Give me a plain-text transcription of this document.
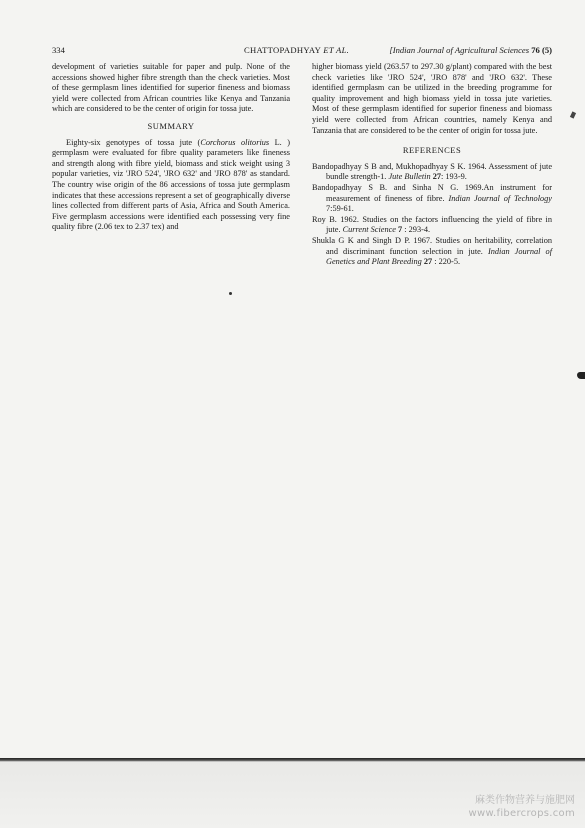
334	CHATTOPADHYAY ET AL.	[Indian Journal of Agricultural Sciences 76 (5)

development of varieties suitable for paper and pulp. None of the accessions showed higher fibre strength than the check varieties. Most of these germplasm lines identified for superior fineness and biomass yield were collected from African countries like Kenya and Tanzania which are considered to be the center of origin for tossa jute.

SUMMARY

Eighty-six genotypes of tossa jute (Corchorus olitorius L. ) germplasm were evaluated for fibre quality parameters like fineness and strength along with fibre yield, biomass and stick weight using 3 popular varieties, viz 'JRO 524', 'JRO 632' and 'JRO 878' as standard. The country wise origin of the 86 accessions of tossa jute germplasm indicates that these accessions represent a set of geographically diverse lines collected from different parts of Asia, Africa and South America. Five germplasm accessions were identified each possessing very fine quality fibre (2.06 tex to 2.37 tex) and

higher biomass yield (263.57 to 297.30 g/plant) compared with the best check varieties like 'JRO 524', 'JRO 878' and 'JRO 632'. These identified germplasm can be utilized in the breeding programme for quality improvement and high biomass yield in tossa jute varieties. Most of these germplasm identified for superior fineness and biomass yield were collected from African countries, namely Kenya and Tanzania that are considered to be the center of origin for tossa jute.

REFERENCES

Bandopadhyay S B and, Mukhopadhyay S K. 1964. Assessment of jute bundle strength-1. Jute Bulletin 27: 193-9.

Bandopadhyay S B. and Sinha N G. 1969.An instrument for measurement of fineness of fibre. Indian Journal of Technology 7:59-61.

Roy B. 1962. Studies on the factors influencing the yield of fibre in jute. Current Science 7 : 293-4.

Shukla G K and Singh D P. 1967. Studies on heritability, correlation and discriminant function selection in jute. Indian Journal of Genetics and Plant Breeding 27 : 220-5.

麻类作物营养与施肥网
www.fibercrops.com
